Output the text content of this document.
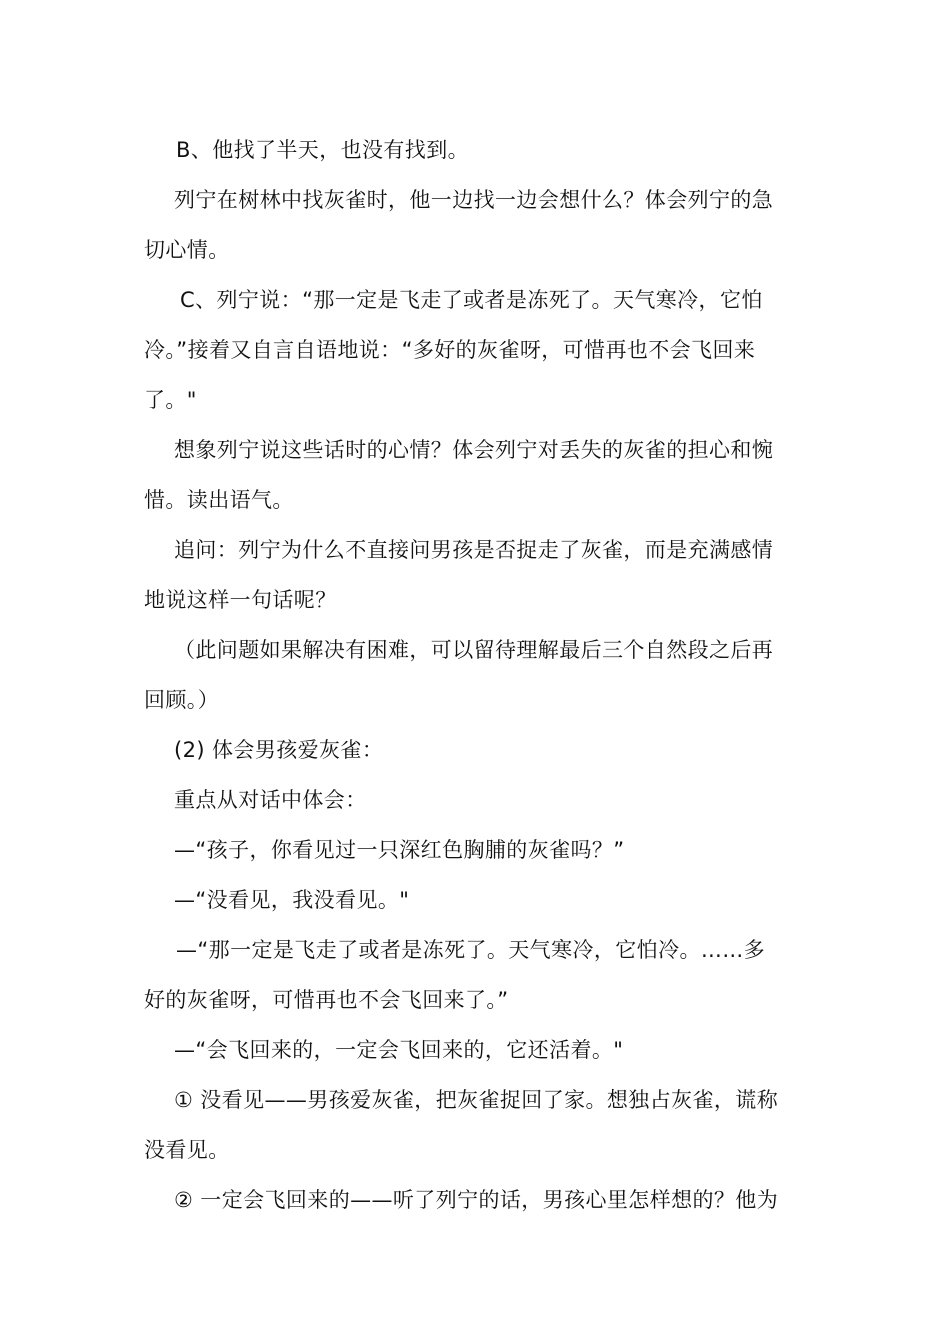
B、他找了半天，也没有找到。
列宁在树林中找灰雀时，他一边找一边会想什么？体会列宁的急
切心情。
C、列宁说：“那一定是飞走了或者是冻死了。天气寒冷，它怕
冷。”接着又自言自语地说：“多好的灰雀呀，可惜再也不会飞回来
了。"
想象列宁说这些话时的心情？体会列宁对丢失的灰雀的担心和惋
惜。读出语气。
追问：列宁为什么不直接问男孩是否捉走了灰雀，而是充满感情
地说这样一句话呢？
（此问题如果解决有困难，可以留待理解最后三个自然段之后再
回顾。）
(2) 体会男孩爱灰雀：
重点从对话中体会：
—“孩子，你看见过一只深红色胸脯的灰雀吗？”
—“没看见，我没看见。"
—“那一定是飞走了或者是冻死了。天气寒冷，它怕冷。……多
好的灰雀呀，可惜再也不会飞回来了。”
—“会飞回来的，一定会飞回来的，它还活着。"
① 没看见——男孩爱灰雀，把灰雀捉回了家。想独占灰雀，谎称
没看见。
② 一定会飞回来的——听了列宁的话，男孩心里怎样想的？他为
